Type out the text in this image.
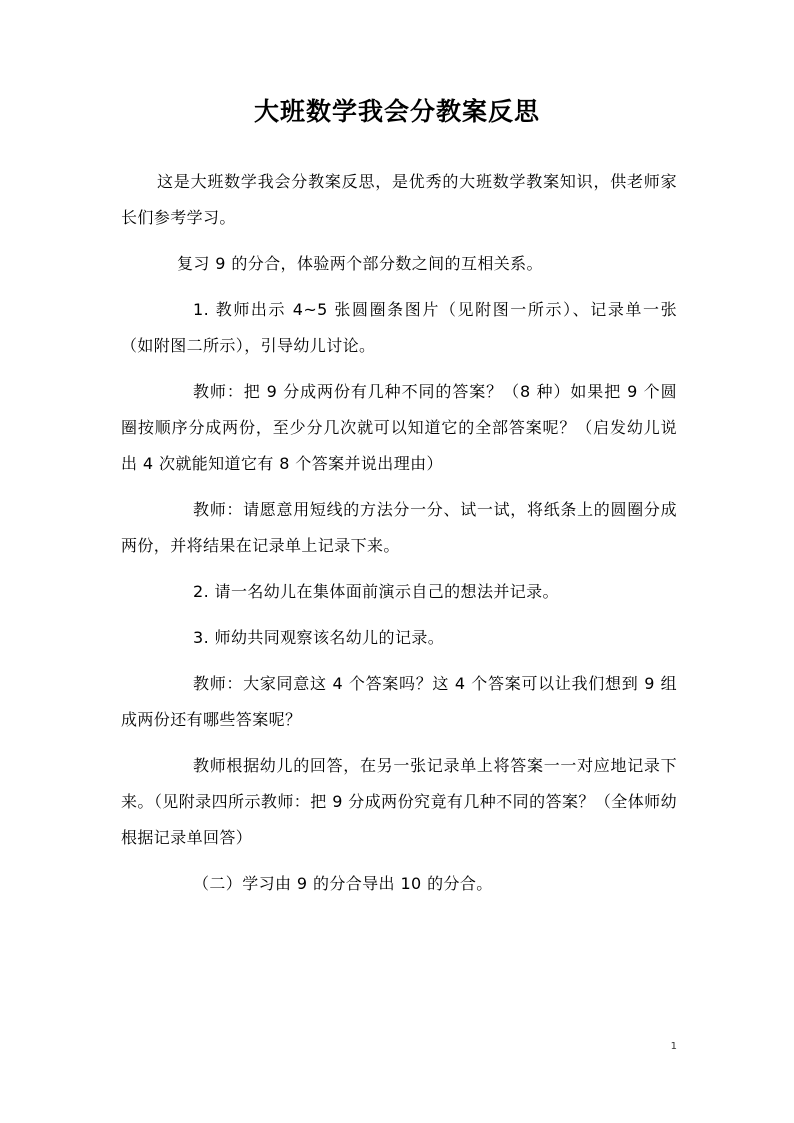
大班数学我会分教案反思

这是大班数学我会分教案反思，是优秀的大班数学教案知识，供老师家长们参考学习。

复习 9 的分合，体验两个部分数之间的互相关系。

1. 教师出示 4~5 张圆圈条图片（见附图一所示）、记录单一张（如附图二所示），引导幼儿讨论。

教师：把 9 分成两份有几种不同的答案？（8 种）如果把 9 个圆圈按顺序分成两份，至少分几次就可以知道它的全部答案呢？（启发幼儿说出 4 次就能知道它有 8 个答案并说出理由）

教师：请愿意用短线的方法分一分、试一试，将纸条上的圆圈分成两份，并将结果在记录单上记录下来。

2. 请一名幼儿在集体面前演示自己的想法并记录。

3. 师幼共同观察该名幼儿的记录。

教师：大家同意这 4 个答案吗？这 4 个答案可以让我们想到 9 组成两份还有哪些答案呢？

教师根据幼儿的回答，在另一张记录单上将答案一一对应地记录下来。（见附录四所示教师：把 9 分成两份究竟有几种不同的答案？（全体师幼根据记录单回答）

（二）学习由 9 的分合导出 10 的分合。

1
